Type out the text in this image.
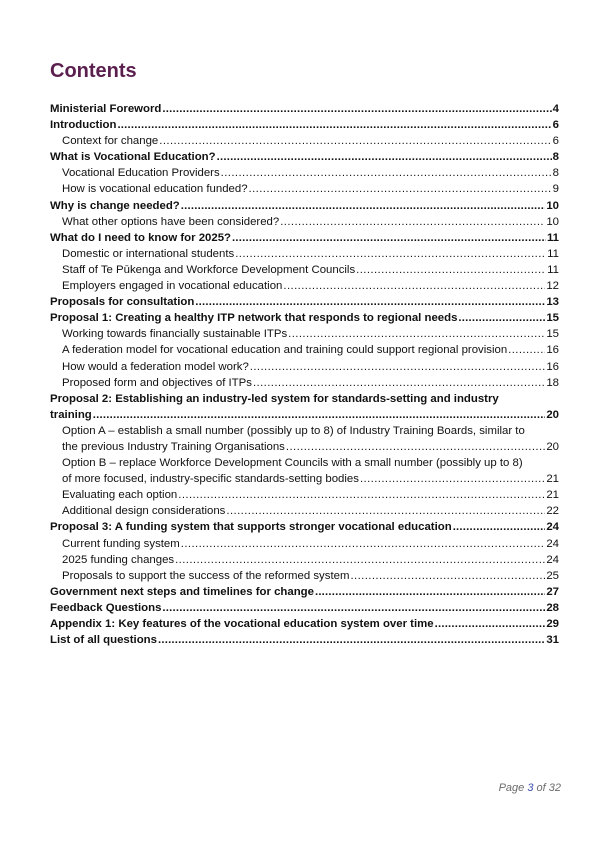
Contents
Ministerial Foreword .....	4
Introduction .....	6
Context for change .....	6
What is Vocational Education? .....	8
Vocational Education Providers .....	8
How is vocational education funded? .....	9
Why is change needed? .....	10
What other options have been considered? .....	10
What do I need to know for 2025? .....	11
Domestic or international students .....	11
Staff of Te Pūkenga and Workforce Development Councils .....	11
Employers engaged in vocational education .....	12
Proposals for consultation .....	13
Proposal 1: Creating a healthy ITP network that responds to regional needs .....	15
Working towards financially sustainable ITPs .....	15
A federation model for vocational education and training could support regional provision .....	16
How would a federation model work? .....	16
Proposed form and objectives of ITPs .....	18
Proposal 2: Establishing an industry-led system for standards-setting and industry
training .....	20
Option A – establish a small number (possibly up to 8) of Industry Training Boards, similar to
the previous Industry Training Organisations .....	20
Option B – replace Workforce Development Councils with a small number (possibly up to 8)
of more focused, industry-specific standards-setting bodies .....	21
Evaluating each option .....	21
Additional design considerations .....	22
Proposal 3: A funding system that supports stronger vocational education .....	24
Current funding system .....	24
2025 funding changes .....	24
Proposals to support the success of the reformed system .....	25
Government next steps and timelines for change .....	27
Feedback Questions .....	28
Appendix 1: Key features of the vocational education system over time .....	29
List of all questions .....	31
Page 3 of 32
